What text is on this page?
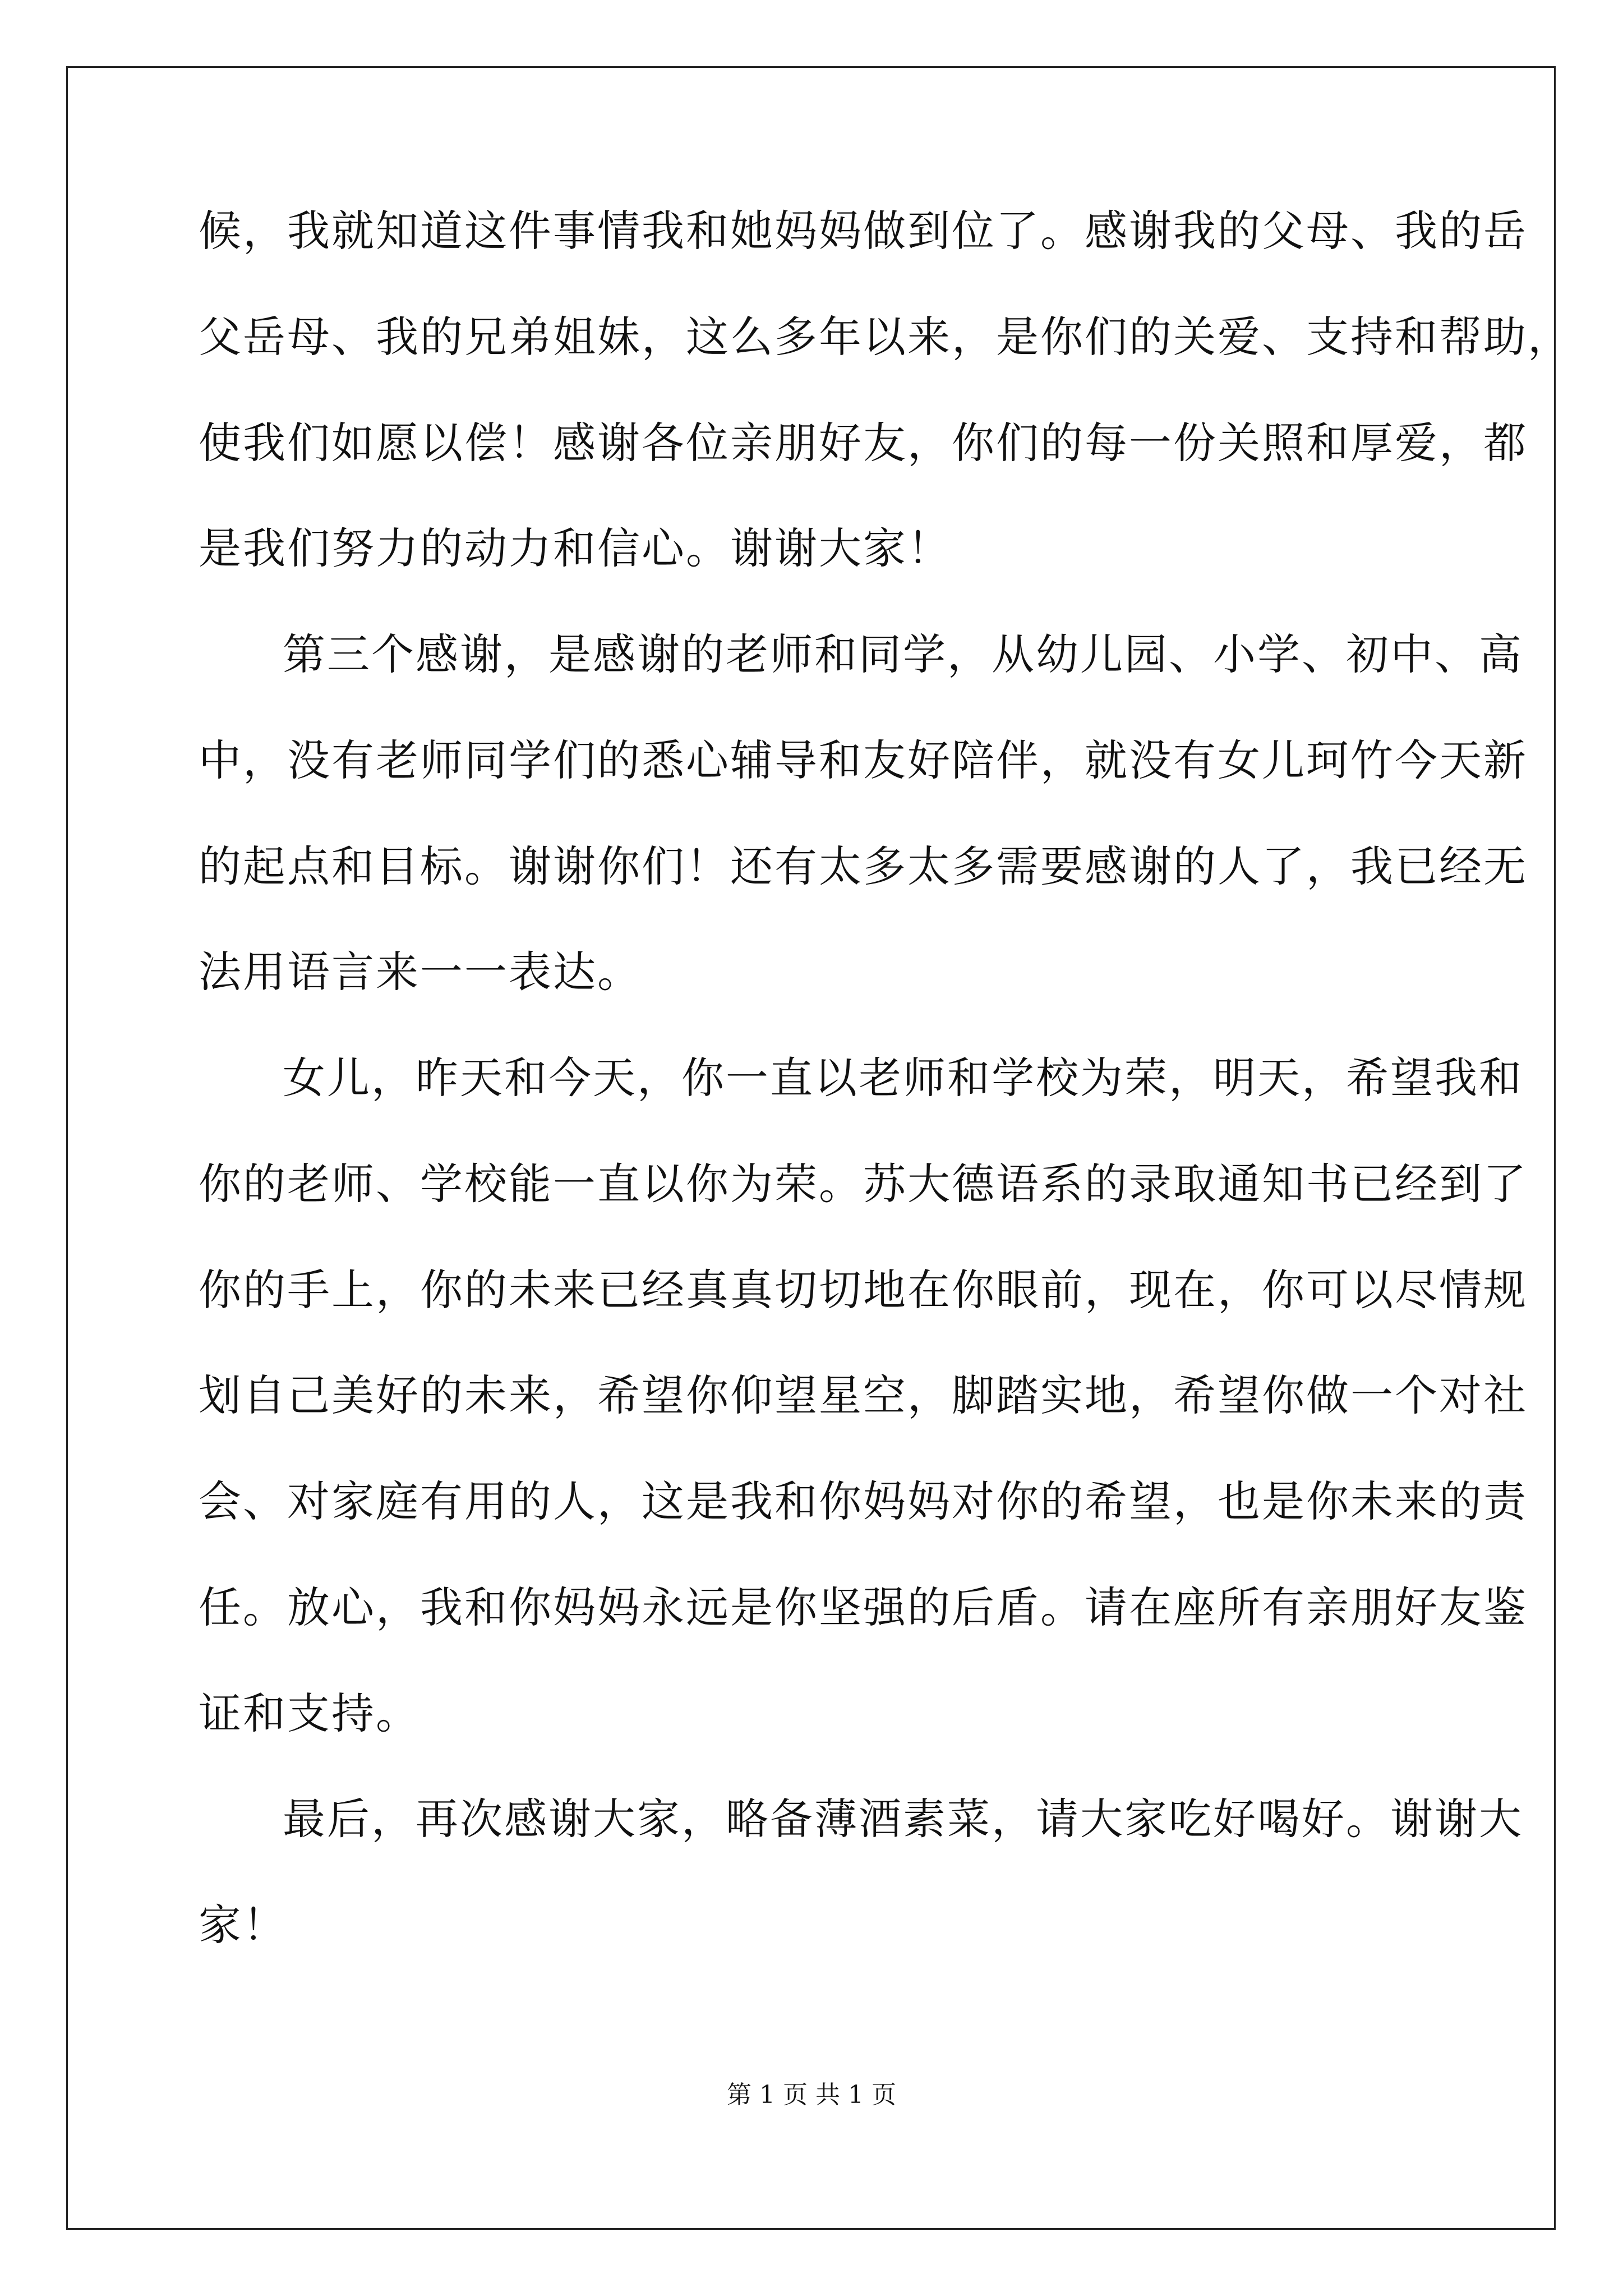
候，我就知道这件事情我和她妈妈做到位了。感谢我的父母、我的岳
父岳母、我的兄弟姐妹，这么多年以来，是你们的关爱、支持和帮助，
使我们如愿以偿！感谢各位亲朋好友，你们的每一份关照和厚爱，都
是我们努力的动力和信心。谢谢大家！
第三个感谢，是感谢的老师和同学，从幼儿园、小学、初中、高
中，没有老师同学们的悉心辅导和友好陪伴，就没有女儿珂竹今天新
的起点和目标。谢谢你们！还有太多太多需要感谢的人了，我已经无
法用语言来一一表达。
女儿，昨天和今天，你一直以老师和学校为荣，明天，希望我和
你的老师、学校能一直以你为荣。苏大德语系的录取通知书已经到了
你的手上，你的未来已经真真切切地在你眼前，现在，你可以尽情规
划自己美好的未来，希望你仰望星空，脚踏实地，希望你做一个对社
会、对家庭有用的人，这是我和你妈妈对你的希望，也是你未来的责
任。放心，我和你妈妈永远是你坚强的后盾。请在座所有亲朋好友鉴
证和支持。
最后，再次感谢大家，略备薄酒素菜，请大家吃好喝好。谢谢大
家！
第 1 页 共 1 页
